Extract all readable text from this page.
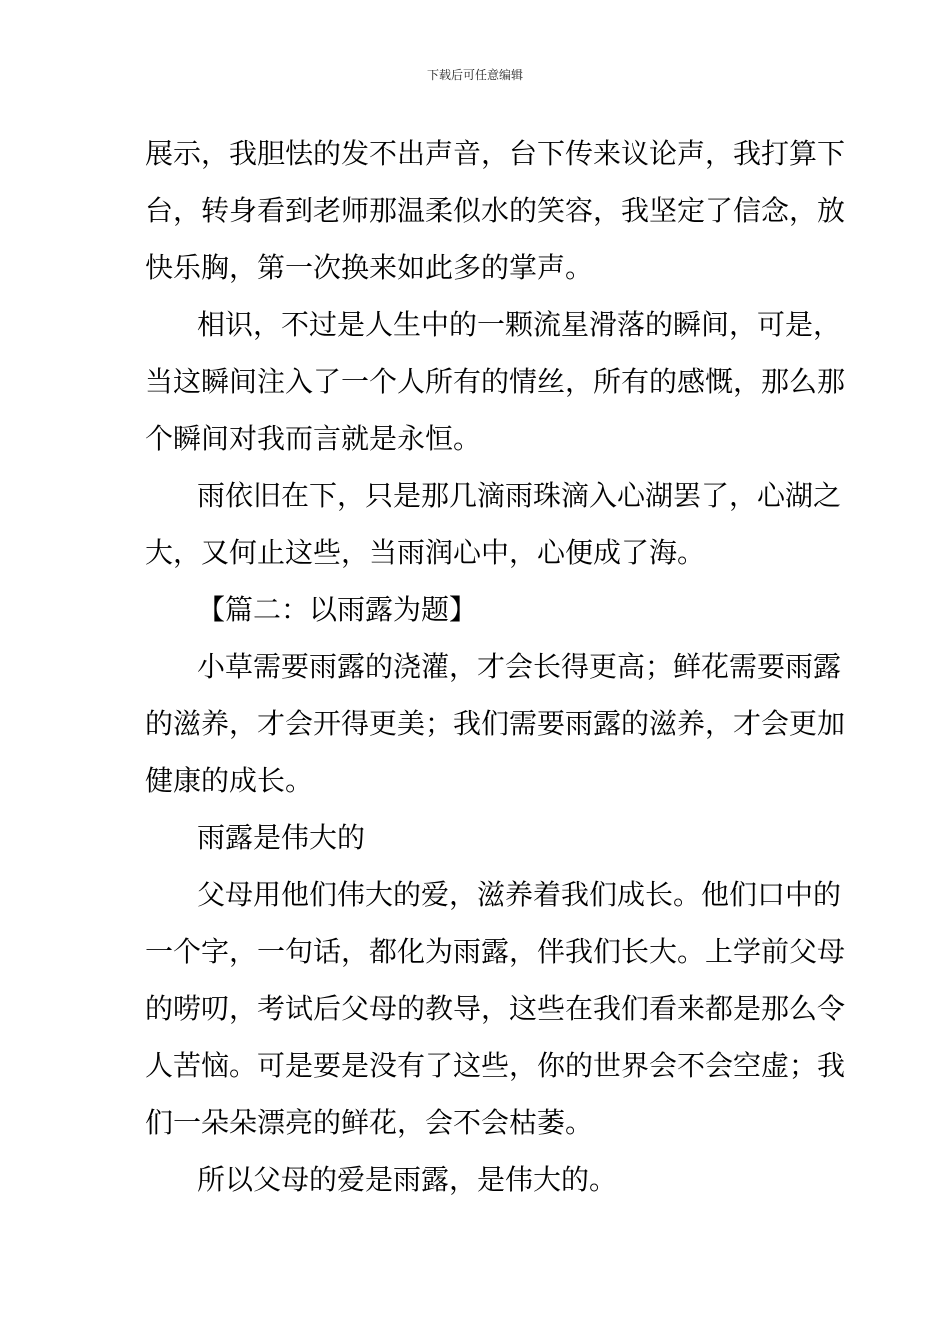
下载后可任意编辑
展示，我胆怯的发不出声音，台下传来议论声，我打算下
台，转身看到老师那温柔似水的笑容，我坚定了信念，放
快乐胸，第一次换来如此多的掌声。
相识，不过是人生中的一颗流星滑落的瞬间，可是，
当这瞬间注入了一个人所有的情丝，所有的感慨，那么那
个瞬间对我而言就是永恒。
雨依旧在下，只是那几滴雨珠滴入心湖罢了，心湖之
大，又何止这些，当雨润心中，心便成了海。
【篇二：以雨露为题】
小草需要雨露的浇灌，才会长得更高；鲜花需要雨露
的滋养，才会开得更美；我们需要雨露的滋养，才会更加
健康的成长。
雨露是伟大的
父母用他们伟大的爱，滋养着我们成长。他们口中的
一个字，一句话，都化为雨露，伴我们长大。上学前父母
的唠叨，考试后父母的教导，这些在我们看来都是那么令
人苦恼。可是要是没有了这些，你的世界会不会空虚；我
们一朵朵漂亮的鲜花，会不会枯萎。
所以父母的爱是雨露，是伟大的。
